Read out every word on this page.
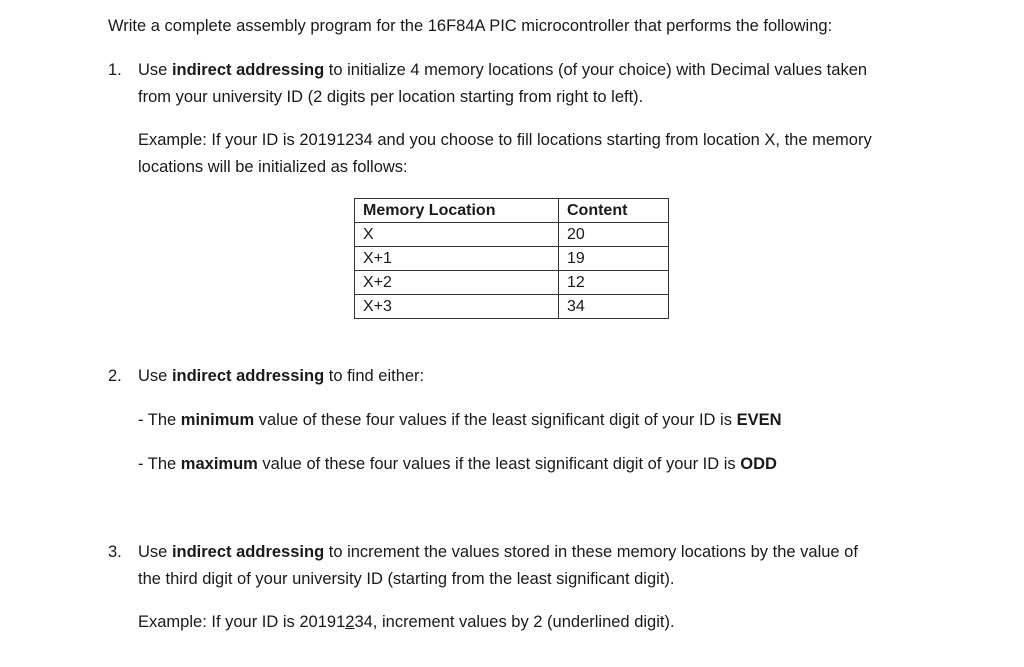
Write a complete assembly program for the 16F84A PIC microcontroller that performs the following:
1. Use indirect addressing to initialize 4 memory locations (of your choice) with Decimal values taken
from your university ID (2 digits per location starting from right to left).
Example: If your ID is 20191234 and you choose to fill locations starting from location X, the memory
locations will be initialized as follows:
Memory Location	Content
X	20
X+1	19
X+2	12
X+3	34
2. Use indirect addressing to find either:
- The minimum value of these four values if the least significant digit of your ID is EVEN
- The maximum value of these four values if the least significant digit of your ID is ODD
3. Use indirect addressing to increment the values stored in these memory locations by the value of
the third digit of your university ID (starting from the least significant digit).
Example: If your ID is 20191234, increment values by 2 (underlined digit).
